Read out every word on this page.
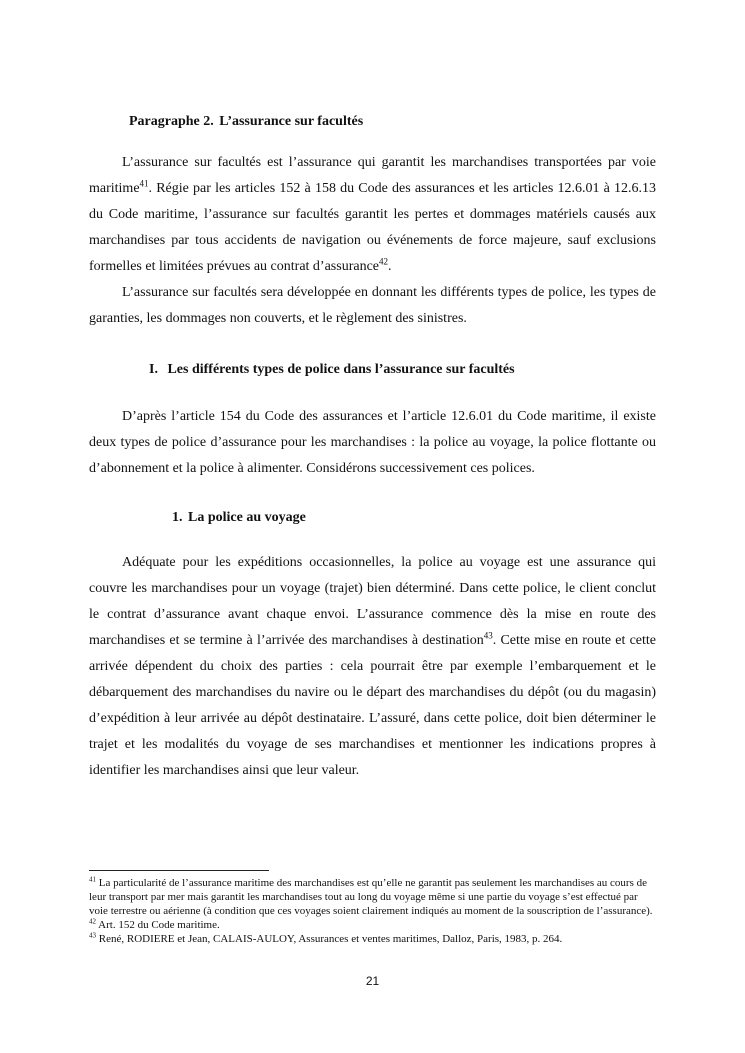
Paragraphe 2. L’assurance sur facultés

L’assurance sur facultés est l’assurance qui garantit les marchandises transportées par voie maritime$^{41}$. Régie par les articles 152 à 158 du Code des assurances et les articles 12.6.01 à 12.6.13 du Code maritime, l’assurance sur facultés garantit les pertes et dommages matériels causés aux marchandises par tous accidents de navigation ou événements de force majeure, sauf exclusions formelles et limitées prévues au contrat d’assurance$^{42}$.

L’assurance sur facultés sera développée en donnant les différents types de police, les types de garanties, les dommages non couverts, et le règlement des sinistres.

I. Les différents types de police dans l’assurance sur facultés

D’après l’article 154 du Code des assurances et l’article 12.6.01 du Code maritime, il existe deux types de police d’assurance pour les marchandises : la police au voyage, la police flottante ou d’abonnement et la police à alimenter. Considérons successivement ces polices.

1. La police au voyage

Adéquate pour les expéditions occasionnelles, la police au voyage est une assurance qui couvre les marchandises pour un voyage (trajet) bien déterminé. Dans cette police, le client conclut le contrat d’assurance avant chaque envoi. L’assurance commence dès la mise en route des marchandises et se termine à l’arrivée des marchandises à destination$^{43}$. Cette mise en route et cette arrivée dépendent du choix des parties : cela pourrait être par exemple l’embarquement et le débarquement des marchandises du navire ou le départ des marchandises du dépôt (ou du magasin) d’expédition à leur arrivée au dépôt destinataire. L’assuré, dans cette police, doit bien déterminer le trajet et les modalités du voyage de ses marchandises et mentionner les indications propres à identifier les marchandises ainsi que leur valeur.

$^{41}$ La particularité de l’assurance maritime des marchandises est qu’elle ne garantit pas seulement les marchandises au cours de leur transport par mer mais garantit les marchandises tout au long du voyage même si une partie du voyage s’est effectué par voie terrestre ou aérienne (à condition que ces voyages soient clairement indiqués au moment de la souscription de l’assurance).

$^{42}$ Art. 152 du Code maritime.

$^{43}$ René, RODIERE et Jean, CALAIS-AULOY, Assurances et ventes maritimes, Dalloz, Paris, 1983, p. 264.

21
